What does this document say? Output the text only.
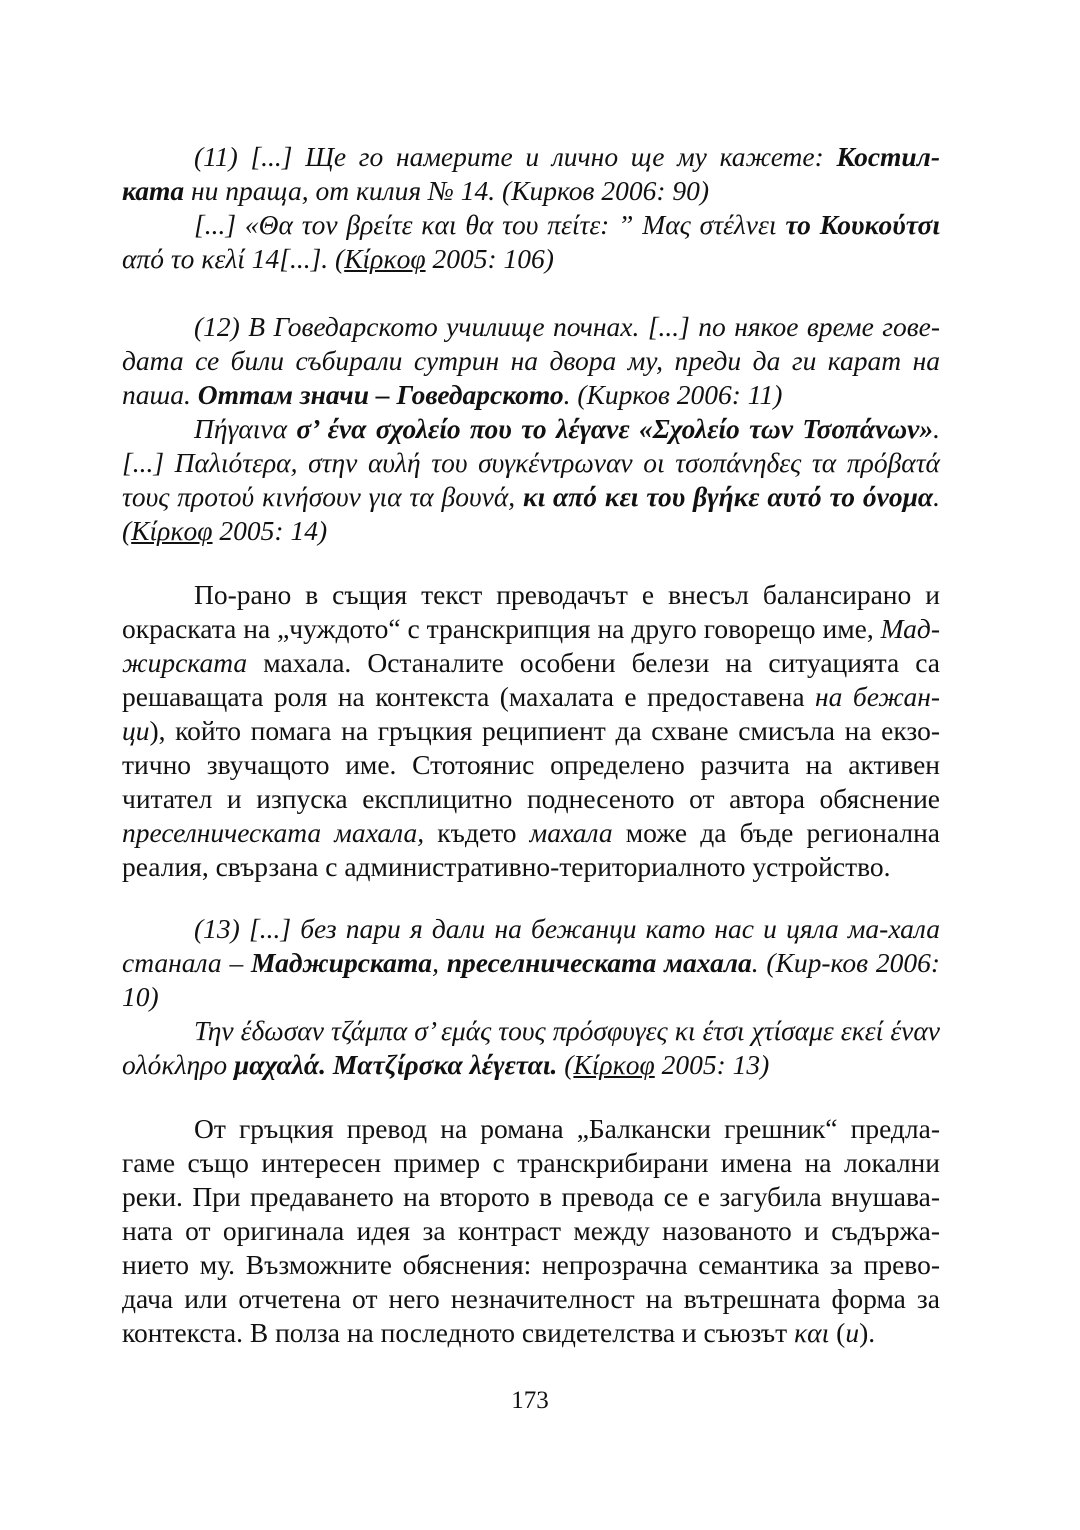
(11) [...] Ще го намерите и лично ще му кажете: Костил-ката ни праща, от килия № 14. (Кирков 2006: 90)

[...] «Θα τον βρείτε και θα του πείτε: ” Μας στέλνει το Κουκούτσι από το κελί 14[...]. (Κίρκοφ 2005: 106)

(12) В Говедарското училище почнах. [...] по някое време гове-дата се били събирали сутрин на двора му, преди да ги карат на паша. Оттам значи – Говедарското. (Кирков 2006: 11)

Πήγαινα σ’ ένα σχολείο που το λέγανε «Σχολείο των Τσοπάνων». [...] Παλιότερα, στην αυλή του συγκέντρωναν οι τσοπάνηδες τα πρόβατά τους προτού κινήσουν για τα βουνά, κι από κει του βγήκε αυτό το όνομα. (Κίρκοφ 2005: 14)

По-рано в същия текст преводачът е внесъл балансирано и окраската на „чуждото“ с транскрипция на друго говорещо име, Мад-жирската махала. Останалите особени белези на ситуацията са решаващата роля на контекста (махалата е предоставена на бежан-ци), който помага на гръцкия реципиент да схване смисъла на екзо-тично звучащото име. Стотоянис определено разчита на активен читател и изпуска експлицитно поднесеното от автора обяснение преселническата махала, където махала може да бъде регионална реалия, свързана с административно-териториалното устройство.

(13) [...] без пари я дали на бежанци като нас и цяла ма-хала станала – Маджирската, преселническата махала. (Кир-ков 2006: 10)

Την έδωσαν τζάμπα σ’ εμάς τους πρόσφυγες κι έτσι χτίσαμε εκεί έναν ολόκληρο μαχαλά. Ματζίρσκα λέγεται. (Κίρκοφ 2005: 13)

От гръцкия превод на романа „Балкански грешник“ предла-гаме също интересен пример с транскрибирани имена на локални реки. При предаването на второто в превода се е загубила внушава-ната от оригинала идея за контраст между назованото и съдържа-нието му. Възможните обяснения: непрозрачна семантика за прево-дача или отчетена от него незначителност на вътрешната форма за контекста. В полза на последното свидетелства и съюзът και (и).

173
